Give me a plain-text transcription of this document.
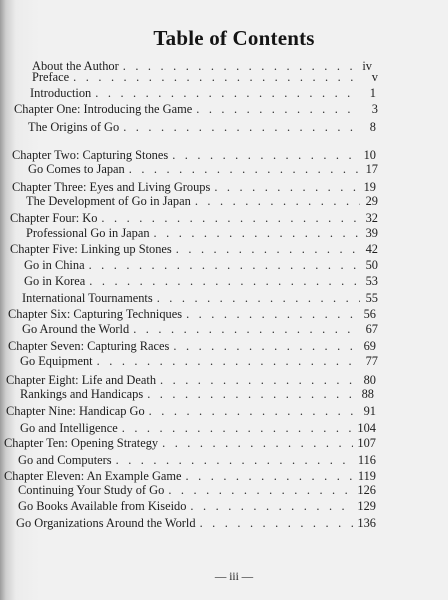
Table of Contents
About the Author . . .	iv
Preface . . .	v
Introduction . . .	1
Chapter One: Introducing the Game . . .	3
The Origins of Go . . .	8
Chapter Two: Capturing Stones . . .	10
Go Comes to Japan . . .	17
Chapter Three: Eyes and Living Groups . . .	19
The Development of Go in Japan . . .	29
Chapter Four: Ko . . .	32
Professional Go in Japan . . .	39
Chapter Five: Linking up Stones . . .	42
Go in China . . .	50
Go in Korea . . .	53
International Tournaments . . .	55
Chapter Six: Capturing Techniques . . .	56
Go Around the World . . .	67
Chapter Seven: Capturing Races . . .	69
Go Equipment . . .	77
Chapter Eight: Life and Death . . .	80
Rankings and Handicaps . . .	88
Chapter Nine: Handicap Go . . .	91
Go and Intelligence . . .	104
Chapter Ten: Opening Strategy . . .	107
Go and Computers . . .	116
Chapter Eleven: An Example Game . . .	119
Continuing Your Study of Go . . .	126
Go Books Available from Kiseido . . .	129
Go Organizations Around the World . . .	136
— iii —
